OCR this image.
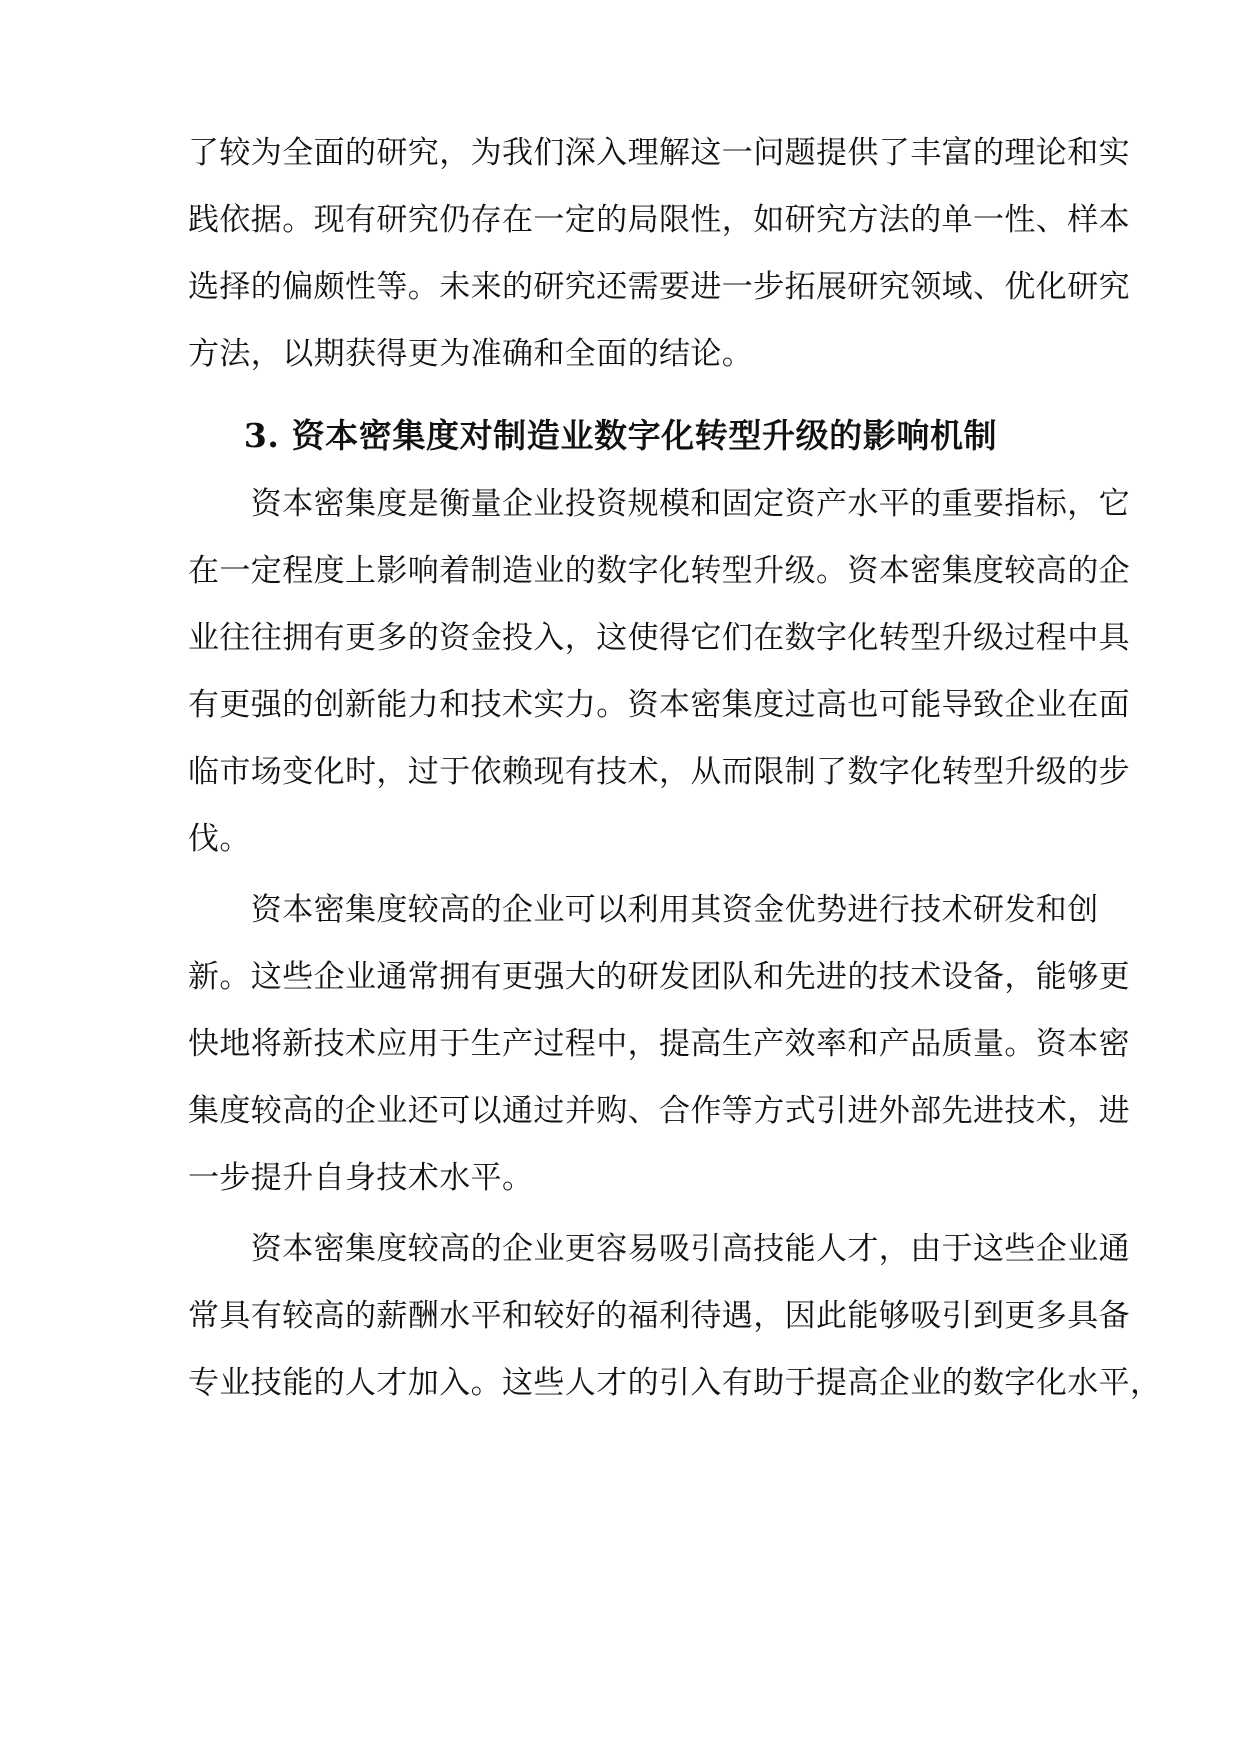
了较为全面的研究，为我们深入理解这一问题提供了丰富的理论和实
践依据。现有研究仍存在一定的局限性，如研究方法的单一性、样本
选择的偏颇性等。未来的研究还需要进一步拓展研究领域、优化研究
方法，以期获得更为准确和全面的结论。
3. 资本密集度对制造业数字化转型升级的影响机制
　　资本密集度是衡量企业投资规模和固定资产水平的重要指标，它
在一定程度上影响着制造业的数字化转型升级。资本密集度较高的企
业往往拥有更多的资金投入，这使得它们在数字化转型升级过程中具
有更强的创新能力和技术实力。资本密集度过高也可能导致企业在面
临市场变化时，过于依赖现有技术，从而限制了数字化转型升级的步
伐。
　　资本密集度较高的企业可以利用其资金优势进行技术研发和创
新。这些企业通常拥有更强大的研发团队和先进的技术设备，能够更
快地将新技术应用于生产过程中，提高生产效率和产品质量。资本密
集度较高的企业还可以通过并购、合作等方式引进外部先进技术，进
一步提升自身技术水平。
　　资本密集度较高的企业更容易吸引高技能人才，由于这些企业通
常具有较高的薪酬水平和较好的福利待遇，因此能够吸引到更多具备
专业技能的人才加入。这些人才的引入有助于提高企业的数字化水平，
